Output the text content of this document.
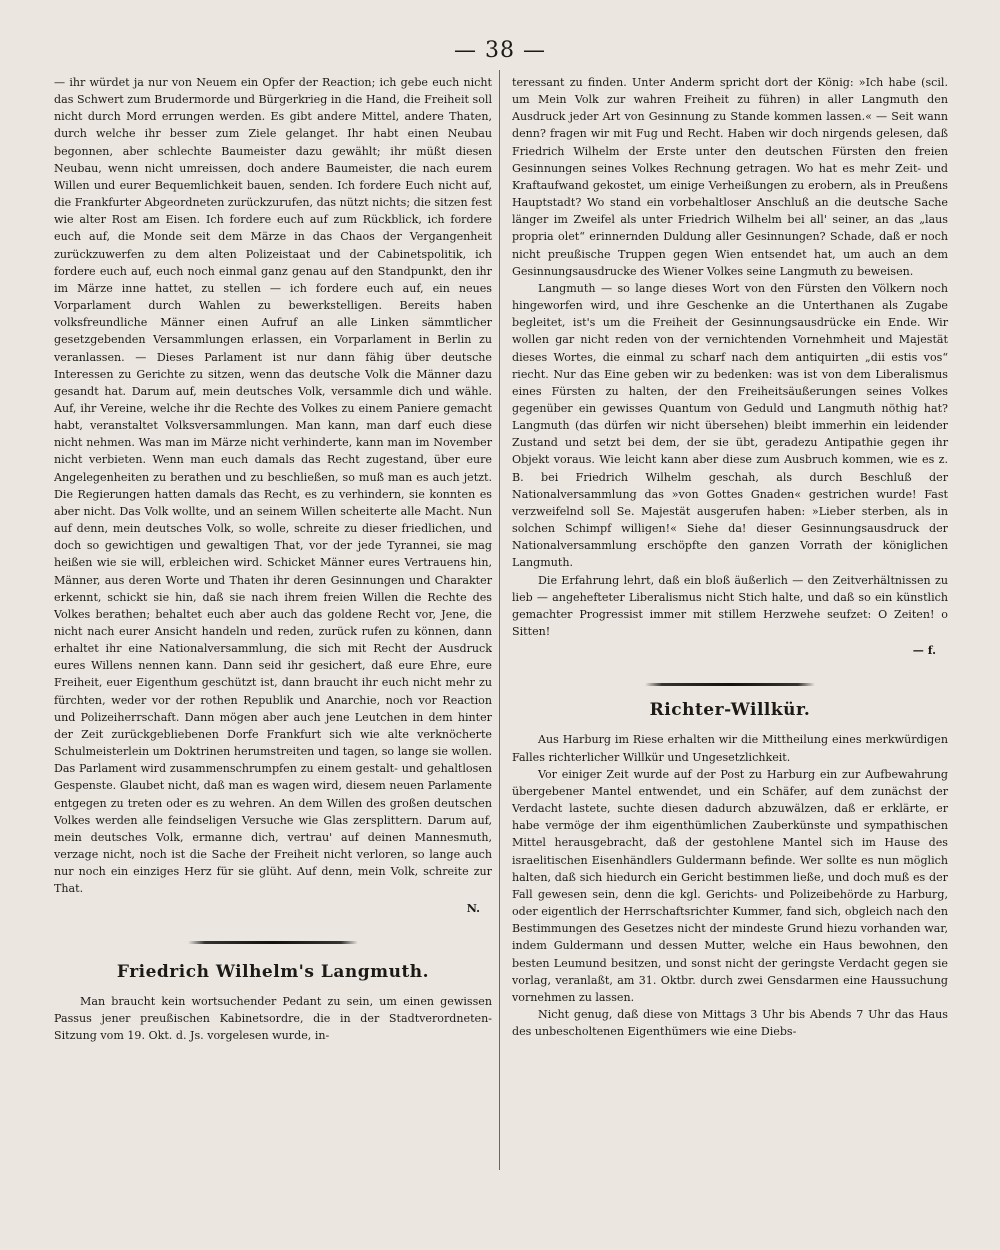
— 38 —

— ihr würdet ja nur von Neuem ein Opfer der Reaction; ich gebe euch nicht das Schwert zum Brudermorde und Bürgerkrieg in die Hand, die Freiheit soll nicht durch Mord errungen werden. Es gibt andere Mittel, andere Thaten, durch welche ihr besser zum Ziele gelanget. Ihr habt einen Neubau begonnen, aber schlechte Baumeister dazu gewählt; ihr müßt diesen Neubau, wenn nicht umreissen, doch andere Baumeister, die nach eurem Willen und eurer Bequemlichkeit bauen, senden. Ich fordere Euch nicht auf, die Frankfurter Abgeordneten zurückzurufen, das nützt nichts; die sitzen fest wie alter Rost am Eisen. Ich fordere euch auf zum Rückblick, ich fordere euch auf, die Monde seit dem Märze in das Chaos der Vergangenheit zurückzuwerfen zu dem alten Polizeistaat und der Cabinetspolitik, ich fordere euch auf, euch noch einmal ganz genau auf den Standpunkt, den ihr im Märze inne hattet, zu stellen — ich fordere euch auf, ein neues Vorparlament durch Wahlen zu bewerkstelligen. Bereits haben volksfreundliche Männer einen Aufruf an alle Linken sämmtlicher gesetzgebenden Versammlungen erlassen, ein Vorparlament in Berlin zu veranlassen. — Dieses Parlament ist nur dann fähig über deutsche Interessen zu Gerichte zu sitzen, wenn das deutsche Volk die Männer dazu gesandt hat. Darum auf, mein deutsches Volk, versammle dich und wähle. Auf, ihr Vereine, welche ihr die Rechte des Volkes zu einem Paniere gemacht habt, veranstaltet Volksversammlungen. Man kann, man darf euch diese nicht nehmen. Was man im Märze nicht verhinderte, kann man im November nicht verbieten. Wenn man euch damals das Recht zugestand, über eure Angelegenheiten zu berathen und zu beschließen, so muß man es auch jetzt. Die Regierungen hatten damals das Recht, es zu verhindern, sie konnten es aber nicht. Das Volk wollte, und an seinem Willen scheiterte alle Macht. Nun auf denn, mein deutsches Volk, so wolle, schreite zu dieser friedlichen, und doch so gewichtigen und gewaltigen That, vor der jede Tyrannei, sie mag heißen wie sie will, erbleichen wird. Schicket Männer eures Vertrauens hin, Männer, aus deren Worte und Thaten ihr deren Gesinnungen und Charakter erkennt, schickt sie hin, daß sie nach ihrem freien Willen die Rechte des Volkes berathen; behaltet euch aber auch das goldene Recht vor, Jene, die nicht nach eurer Ansicht handeln und reden, zurück rufen zu können, dann erhaltet ihr eine Nationalversammlung, die sich mit Recht der Ausdruck eures Willens nennen kann. Dann seid ihr gesichert, daß eure Ehre, eure Freiheit, euer Eigenthum geschützt ist, dann braucht ihr euch nicht mehr zu fürchten, weder vor der rothen Republik und Anarchie, noch vor Reaction und Polizeiherrschaft. Dann mögen aber auch jene Leutchen in dem hinter der Zeit zurückgebliebenen Dorfe Frankfurt sich wie alte verknöcherte Schulmeisterlein um Doktrinen herumstreiten und tagen, so lange sie wollen. Das Parlament wird zusammenschrumpfen zu einem gestalt- und gehaltlosen Gespenste. Glaubet nicht, daß man es wagen wird, diesem neuen Parlamente entgegen zu treten oder es zu wehren. An dem Willen des großen deutschen Volkes werden alle feindseligen Versuche wie Glas zersplittern. Darum auf, mein deutsches Volk, ermanne dich, vertrau' auf deinen Mannesmuth, verzage nicht, noch ist die Sache der Freiheit nicht verloren, so lange auch nur noch ein einziges Herz für sie glüht. Auf denn, mein Volk, schreite zur That.

N.

Friedrich Wilhelm's Langmuth.

Man braucht kein wortsuchender Pedant zu sein, um einen gewissen Passus jener preußischen Kabinetsordre, die in der Stadtverordneten-Sitzung vom 19. Okt. d. Js. vorgelesen wurde, in-

teressant zu finden. Unter Anderm spricht dort der König: »Ich habe (scil. um Mein Volk zur wahren Freiheit zu führen) in aller Langmuth den Ausdruck jeder Art von Gesinnung zu Stande kommen lassen.« — Seit wann denn? fragen wir mit Fug und Recht. Haben wir doch nirgends gelesen, daß Friedrich Wilhelm der Erste unter den deutschen Fürsten den freien Gesinnungen seines Volkes Rechnung getragen. Wo hat es mehr Zeit- und Kraftaufwand gekostet, um einige Verheißungen zu erobern, als in Preußens Hauptstadt? Wo stand ein vorbehaltloser Anschluß an die deutsche Sache länger im Zweifel als unter Friedrich Wilhelm bei all' seiner, an das „laus propria olet“ erinnernden Duldung aller Gesinnungen? Schade, daß er noch nicht preußische Truppen gegen Wien entsendet hat, um auch an dem Gesinnungsausdrucke des Wiener Volkes seine Langmuth zu beweisen.

Langmuth — so lange dieses Wort von den Fürsten den Völkern noch hingeworfen wird, und ihre Geschenke an die Unterthanen als Zugabe begleitet, ist's um die Freiheit der Gesinnungsausdrücke ein Ende. Wir wollen gar nicht reden von der vernichtenden Vornehmheit und Majestät dieses Wortes, die einmal zu scharf nach dem antiquirten „dii estis vos“ riecht. Nur das Eine geben wir zu bedenken: was ist von dem Liberalismus eines Fürsten zu halten, der den Freiheitsäußerungen seines Volkes gegenüber ein gewisses Quantum von Geduld und Langmuth nöthig hat? Langmuth (das dürfen wir nicht übersehen) bleibt immerhin ein leidender Zustand und setzt bei dem, der sie übt, geradezu Antipathie gegen ihr Objekt voraus. Wie leicht kann aber diese zum Ausbruch kommen, wie es z. B. bei Friedrich Wilhelm geschah, als durch Beschluß der Nationalversammlung das »von Gottes Gnaden« gestrichen wurde! Fast verzweifelnd soll Se. Majestät ausgerufen haben: »Lieber sterben, als in solchen Schimpf willigen!« Siehe da! dieser Gesinnungsausdruck der Nationalversammlung erschöpfte den ganzen Vorrath der königlichen Langmuth.

Die Erfahrung lehrt, daß ein bloß äußerlich — den Zeitverhältnissen zu lieb — angehefteter Liberalismus nicht Stich halte, und daß so ein künstlich gemachter Progressist immer mit stillem Herzwehe seufzet: O Zeiten! o Sitten!

— f.

Richter-Willkür.

Aus Harburg im Riese erhalten wir die Mittheilung eines merkwürdigen Falles richterlicher Willkür und Ungesetzlichkeit.

Vor einiger Zeit wurde auf der Post zu Harburg ein zur Aufbewahrung übergebener Mantel entwendet, und ein Schäfer, auf dem zunächst der Verdacht lastete, suchte diesen dadurch abzuwälzen, daß er erklärte, er habe vermöge der ihm eigenthümlichen Zauberkünste und sympathischen Mittel herausgebracht, daß der gestohlene Mantel sich im Hause des israelitischen Eisenhändlers Guldermann befinde. Wer sollte es nun möglich halten, daß sich hiedurch ein Gericht bestimmen ließe, und doch muß es der Fall gewesen sein, denn die kgl. Gerichts- und Polizeibehörde zu Harburg, oder eigentlich der Herrschaftsrichter Kummer, fand sich, obgleich nach den Bestimmungen des Gesetzes nicht der mindeste Grund hiezu vorhanden war, indem Guldermann und dessen Mutter, welche ein Haus bewohnen, den besten Leumund besitzen, und sonst nicht der geringste Verdacht gegen sie vorlag, veranlaßt, am 31. Oktbr. durch zwei Gensdarmen eine Haussuchung vornehmen zu lassen.

Nicht genug, daß diese von Mittags 3 Uhr bis Abends 7 Uhr das Haus des unbescholtenen Eigenthümers wie eine Diebs-
